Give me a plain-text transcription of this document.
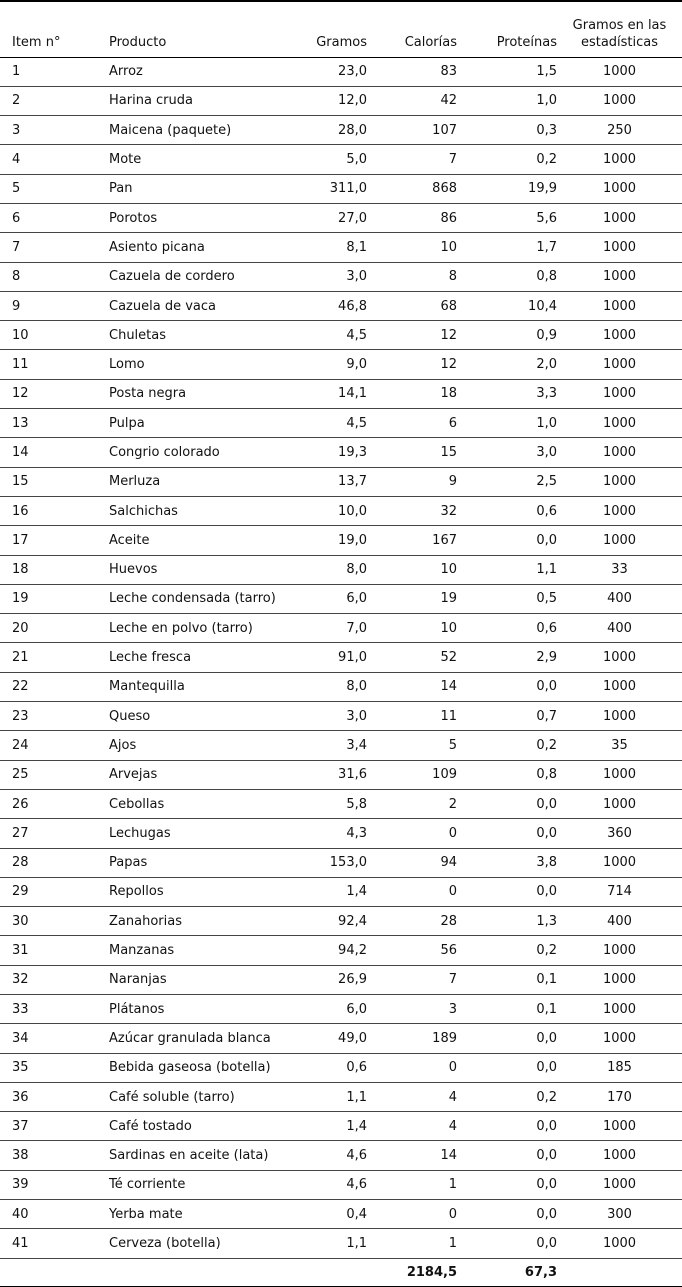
Item n°	Producto	Gramos	Calorías	Proteínas	Gramos en las
estadísticas
1	Arroz	23,0	83	1,5	1000
2	Harina cruda	12,0	42	1,0	1000
3	Maicena (paquete)	28,0	107	0,3	250
4	Mote	5,0	7	0,2	1000
5	Pan	311,0	868	19,9	1000
6	Porotos	27,0	86	5,6	1000
7	Asiento picana	8,1	10	1,7	1000
8	Cazuela de cordero	3,0	8	0,8	1000
9	Cazuela de vaca	46,8	68	10,4	1000
10	Chuletas	4,5	12	0,9	1000
11	Lomo	9,0	12	2,0	1000
12	Posta negra	14,1	18	3,3	1000
13	Pulpa	4,5	6	1,0	1000
14	Congrio colorado	19,3	15	3,0	1000
15	Merluza	13,7	9	2,5	1000
16	Salchichas	10,0	32	0,6	1000
17	Aceite	19,0	167	0,0	1000
18	Huevos	8,0	10	1,1	33
19	Leche condensada (tarro)	6,0	19	0,5	400
20	Leche en polvo (tarro)	7,0	10	0,6	400
21	Leche fresca	91,0	52	2,9	1000
22	Mantequilla	8,0	14	0,0	1000
23	Queso	3,0	11	0,7	1000
24	Ajos	3,4	5	0,2	35
25	Arvejas	31,6	109	0,8	1000
26	Cebollas	5,8	2	0,0	1000
27	Lechugas	4,3	0	0,0	360
28	Papas	153,0	94	3,8	1000
29	Repollos	1,4	0	0,0	714
30	Zanahorias	92,4	28	1,3	400
31	Manzanas	94,2	56	0,2	1000
32	Naranjas	26,9	7	0,1	1000
33	Plátanos	6,0	3	0,1	1000
34	Azúcar granulada blanca	49,0	189	0,0	1000
35	Bebida gaseosa (botella)	0,6	0	0,0	185
36	Café soluble (tarro)	1,1	4	0,2	170
37	Café tostado	1,4	4	0,0	1000
38	Sardinas en aceite (lata)	4,6	14	0,0	1000
39	Té corriente	4,6	1	0,0	1000
40	Yerba mate	0,4	0	0,0	300
41	Cerveza (botella)	1,1	1	0,0	1000
			2184,5	67,3	
